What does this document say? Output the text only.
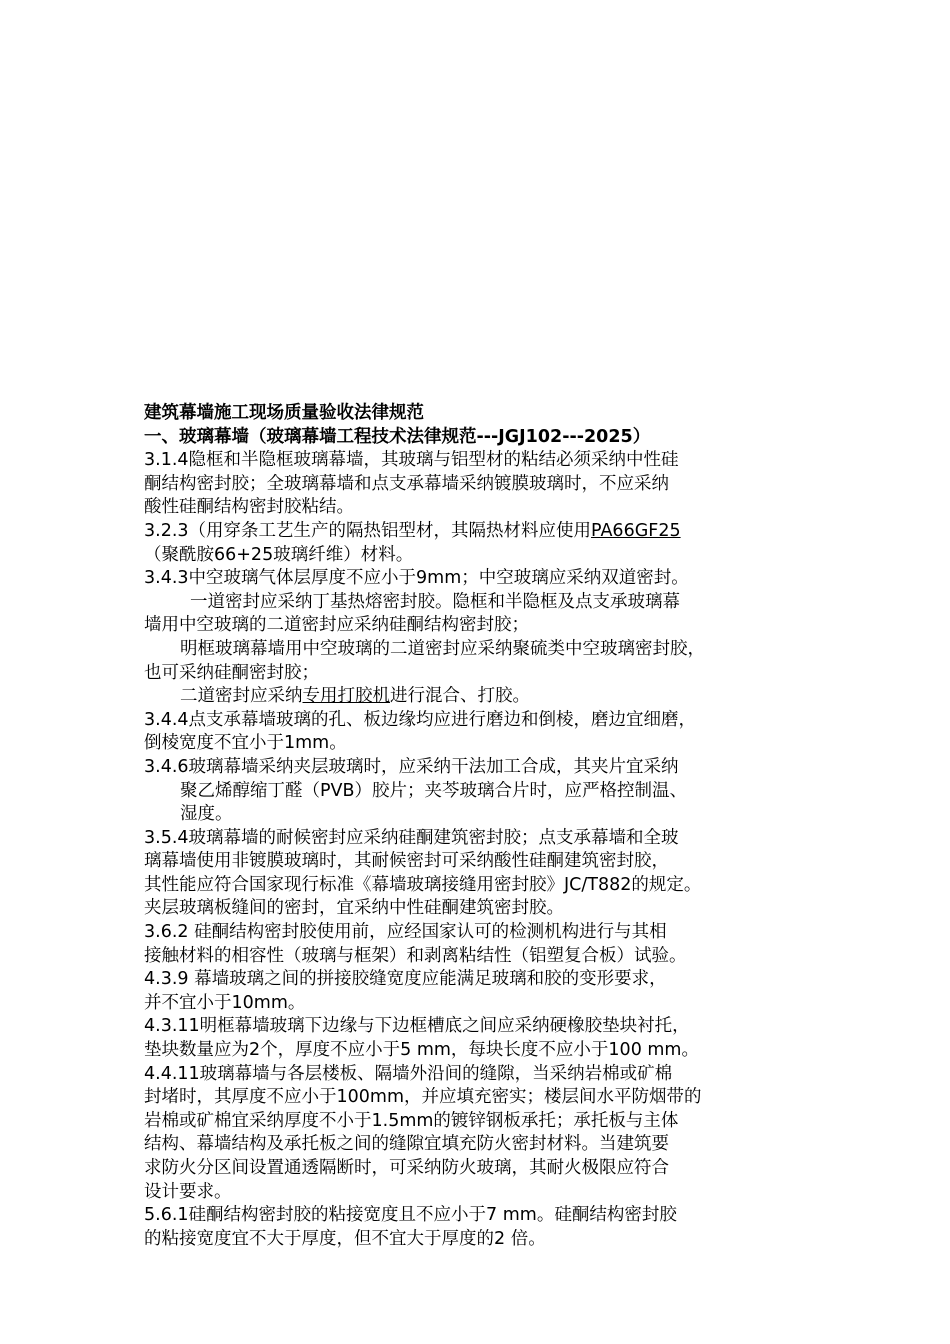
建筑幕墙施工现场质量验收法律规范

一、玻璃幕墙（玻璃幕墙工程技术法律规范---JGJ102---2025）

3.1.4隐框和半隐框玻璃幕墙，其玻璃与铝型材的粘结必须采纳中性硅

酮结构密封胶；全玻璃幕墙和点支承幕墙采纳镀膜玻璃时，不应采纳

酸性硅酮结构密封胶粘结。

3.2.3（用穿条工艺生产的隔热铝型材，其隔热材料应使用PA66GF25

（聚酰胺66+25玻璃纤维）材料。

3.4.3中空玻璃气体层厚度不应小于9mm；中空玻璃应采纳双道密封。

一道密封应采纳丁基热熔密封胶。隐框和半隐框及点支承玻璃幕

墙用中空玻璃的二道密封应采纳硅酮结构密封胶；

明框玻璃幕墙用中空玻璃的二道密封应采纳聚硫类中空玻璃密封胶，

也可采纳硅酮密封胶；

二道密封应采纳专用打胶机进行混合、打胶。

3.4.4点支承幕墙玻璃的孔、板边缘均应进行磨边和倒棱，磨边宜细磨，

倒棱宽度不宜小于1mm。

3.4.6玻璃幕墙采纳夹层玻璃时，应采纳干法加工合成，其夹片宜采纳

聚乙烯醇缩丁醛（PVB）胶片；夹芩玻璃合片时，应严格控制温、

湿度。

3.5.4玻璃幕墙的耐候密封应采纳硅酮建筑密封胶；点支承幕墙和全玻

璃幕墙使用非镀膜玻璃时，其耐候密封可采纳酸性硅酮建筑密封胶，

其性能应符合国家现行标准《幕墙玻璃接缝用密封胶》JC/T882的规定。

夹层玻璃板缝间的密封，宜采纳中性硅酮建筑密封胶。

3.6.2 硅酮结构密封胶使用前，应经国家认可的检测机构进行与其相

接触材料的相容性（玻璃与框架）和剥离粘结性（铝塑复合板）试验。

4.3.9 幕墙玻璃之间的拼接胶缝宽度应能满足玻璃和胶的变形要求，

并不宜小于10mm。

4.3.11明框幕墙玻璃下边缘与下边框槽底之间应采纳硬橡胶垫块衬托，

垫块数量应为2个，厚度不应小于5 mm，每块长度不应小于100 mm。

4.4.11玻璃幕墙与各层楼板、隔墙外沿间的缝隙，当采纳岩棉或矿棉

封堵时，其厚度不应小于100mm，并应填充密实；楼层间水平防烟带的

岩棉或矿棉宜采纳厚度不小于1.5mm的镀锌钢板承托；承托板与主体

结构、幕墙结构及承托板之间的缝隙宜填充防火密封材料。当建筑要

求防火分区间设置通透隔断时，可采纳防火玻璃，其耐火极限应符合

设计要求。

5.6.1硅酮结构密封胶的粘接宽度且不应小于7 mm。硅酮结构密封胶

的粘接宽度宜不大于厚度，但不宜大于厚度的2 倍。
